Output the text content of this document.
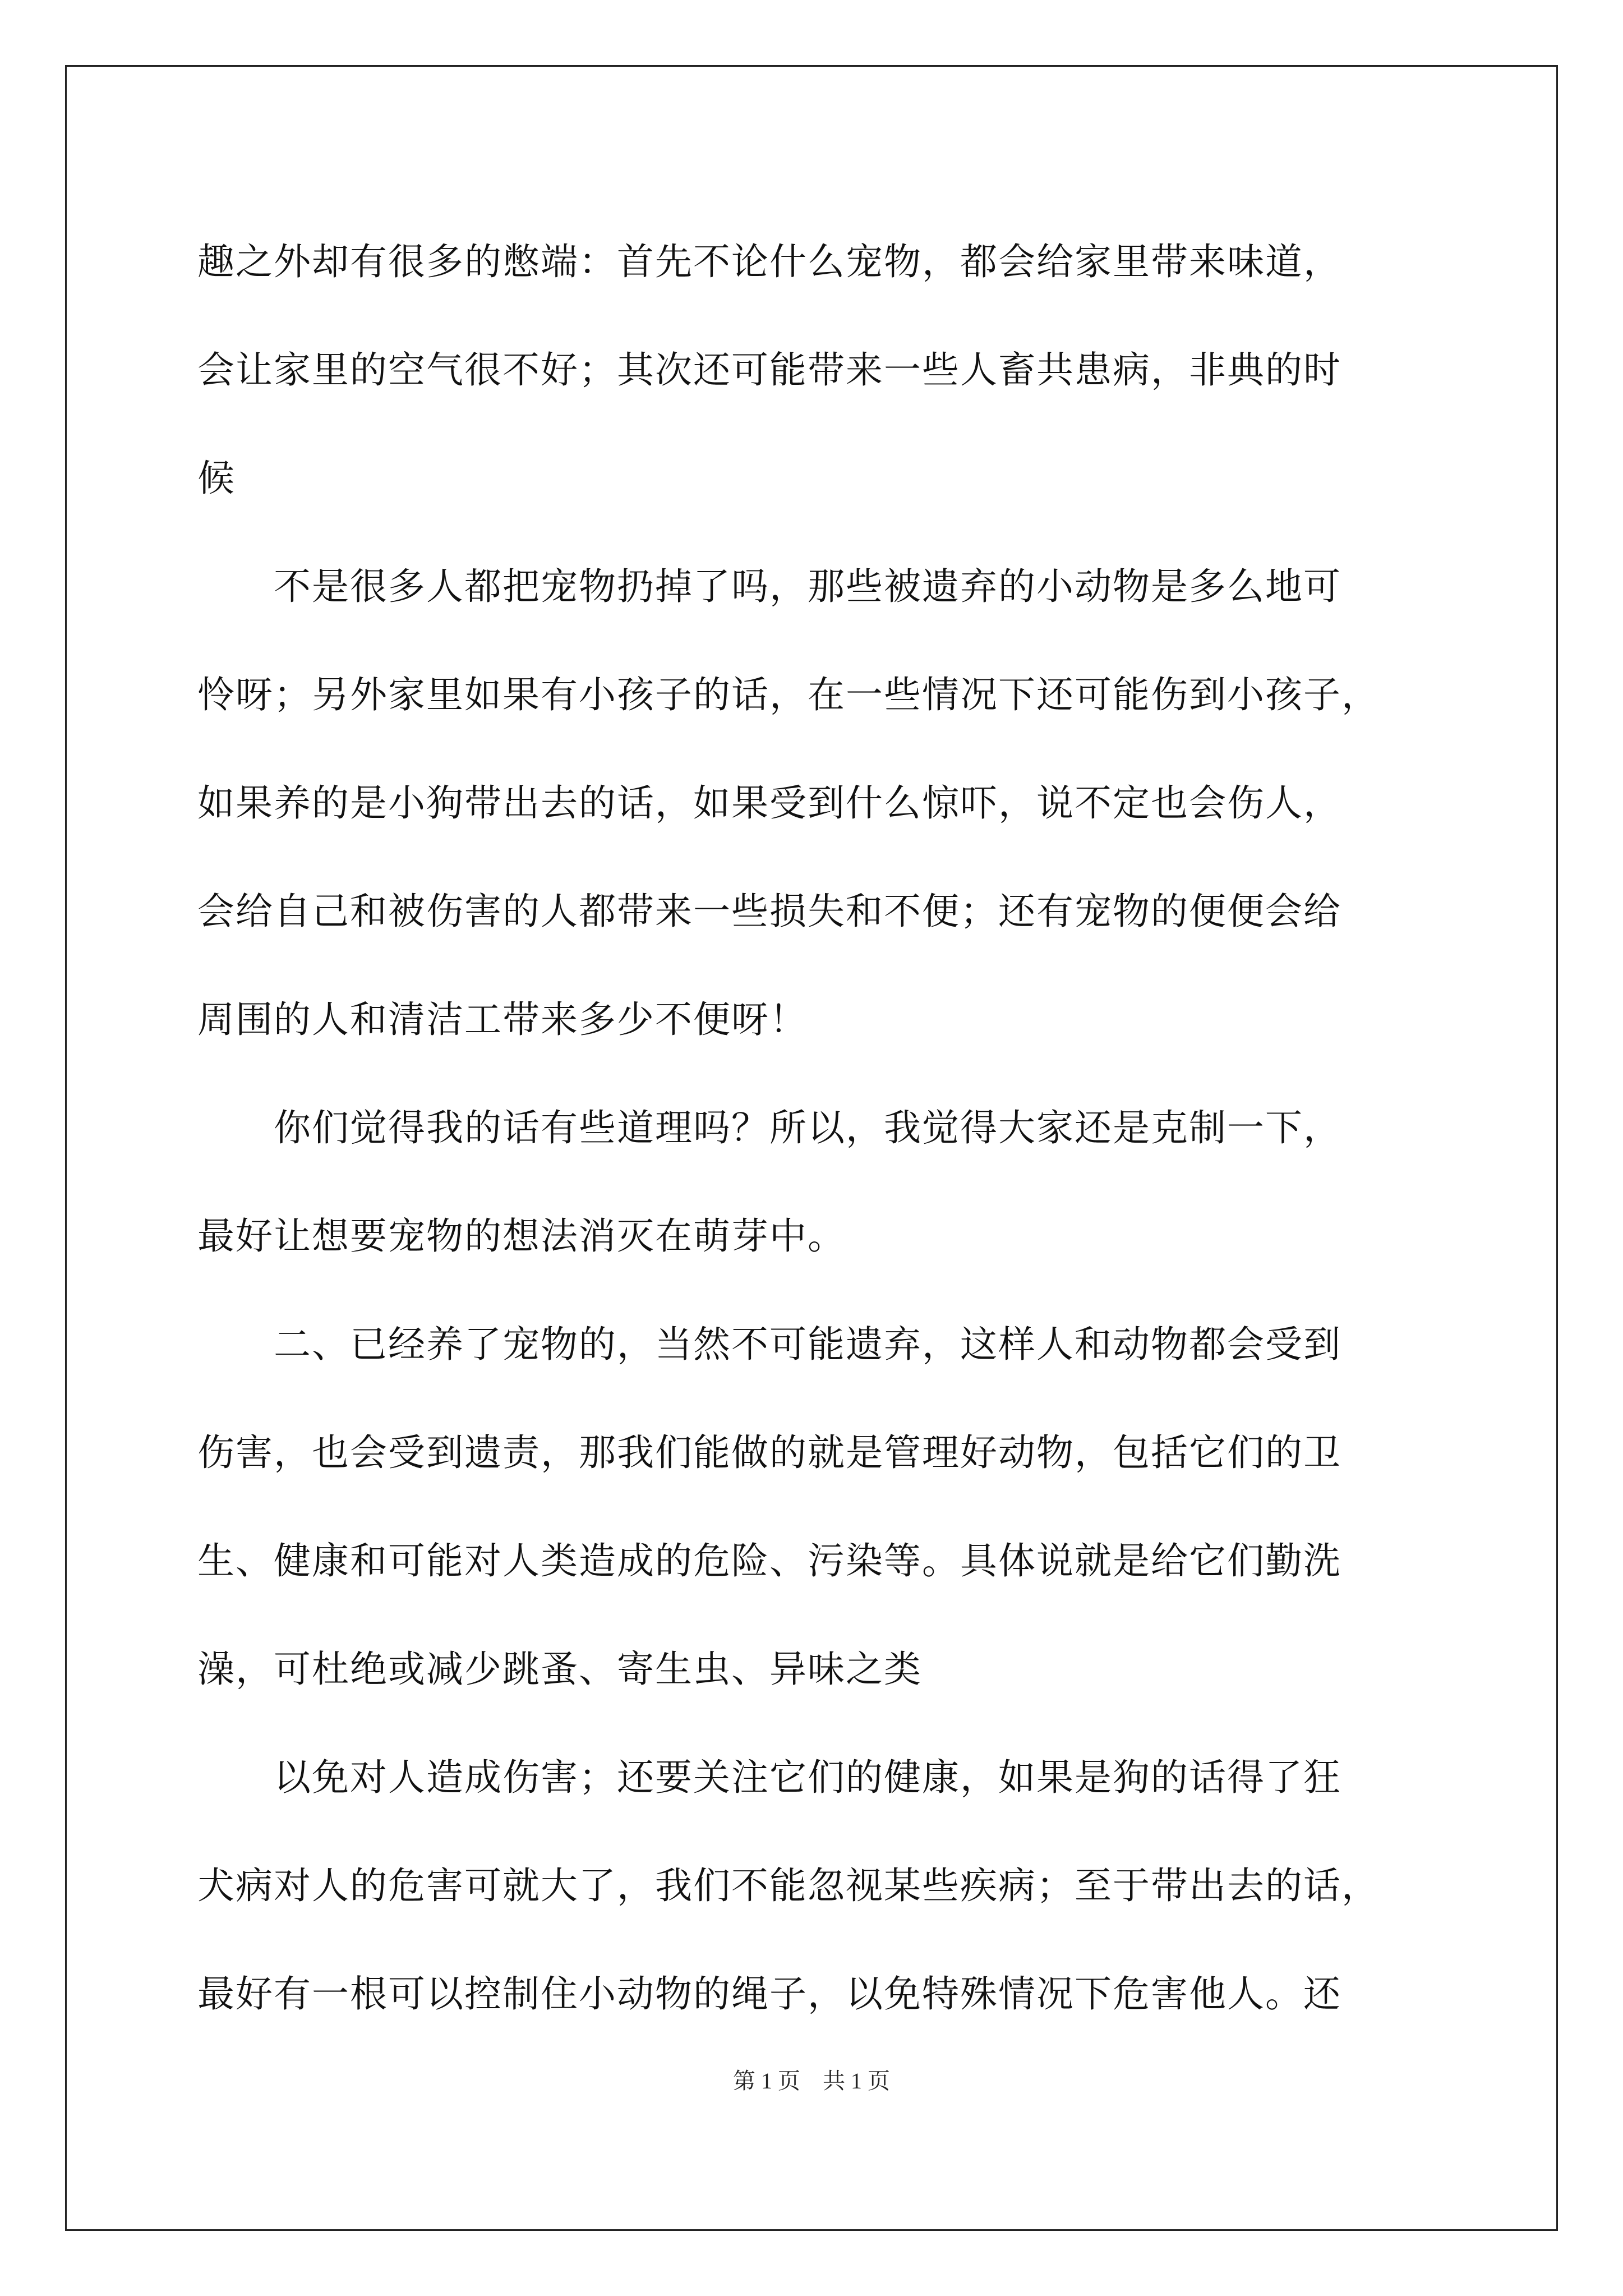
趣之外却有很多的憋端：首先不论什么宠物，都会给家里带来味道，
会让家里的空气很不好；其次还可能带来一些人畜共患病，非典的时
候

　　不是很多人都把宠物扔掉了吗，那些被遗弃的小动物是多么地可
怜呀；另外家里如果有小孩子的话，在一些情况下还可能伤到小孩子，
如果养的是小狗带出去的话，如果受到什么惊吓，说不定也会伤人，
会给自己和被伤害的人都带来一些损失和不便；还有宠物的便便会给
周围的人和清洁工带来多少不便呀！

　　你们觉得我的话有些道理吗？所以，我觉得大家还是克制一下，
最好让想要宠物的想法消灭在萌芽中。

　　二、已经养了宠物的，当然不可能遗弃，这样人和动物都会受到
伤害，也会受到遗责，那我们能做的就是管理好动物，包括它们的卫
生、健康和可能对人类造成的危险、污染等。具体说就是给它们勤洗
澡，可杜绝或减少跳蚤、寄生虫、异味之类

　　以免对人造成伤害；还要关注它们的健康，如果是狗的话得了狂
犬病对人的危害可就大了，我们不能忽视某些疾病；至于带出去的话，
最好有一根可以控制住小动物的绳子，以免特殊情况下危害他人。还

第 1 页　共 1 页
